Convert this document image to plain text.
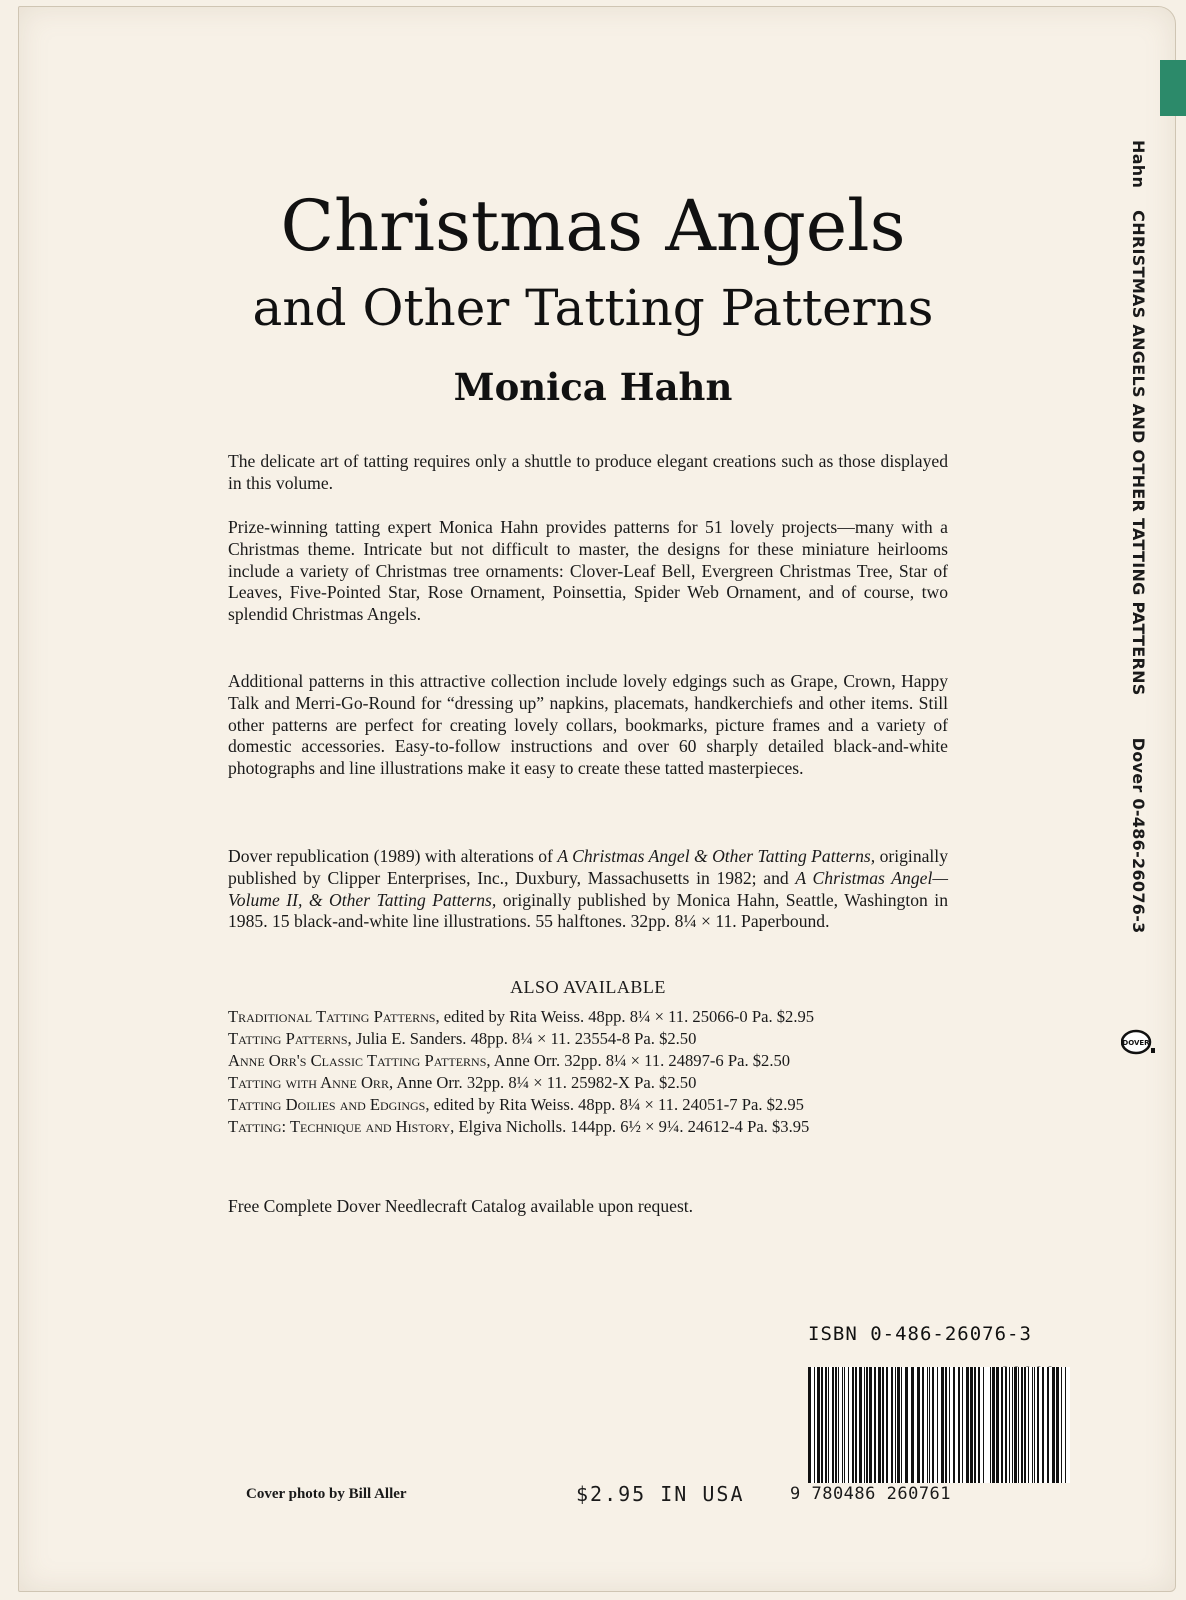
Christmas Angels
and Other Tatting Patterns
Monica Hahn

The delicate art of tatting requires only a shuttle to produce elegant creations such as those displayed in this volume.

Prize-winning tatting expert Monica Hahn provides patterns for 51 lovely projects—many with a Christmas theme. Intricate but not difficult to master, the designs for these miniature heirlooms include a variety of Christmas tree ornaments: Clover-Leaf Bell, Evergreen Christmas Tree, Star of Leaves, Five-Pointed Star, Rose Ornament, Poinsettia, Spider Web Ornament, and of course, two splendid Christmas Angels.

Additional patterns in this attractive collection include lovely edgings such as Grape, Crown, Happy Talk and Merri-Go-Round for “dressing up” napkins, placemats, handkerchiefs and other items. Still other patterns are perfect for creating lovely collars, bookmarks, picture frames and a variety of domestic accessories. Easy-to-follow instructions and over 60 sharply detailed black-and-white photographs and line illustrations make it easy to create these tatted masterpieces.

Dover republication (1989) with alterations of A Christmas Angel & Other Tatting Patterns, originally published by Clipper Enterprises, Inc., Duxbury, Massachusetts in 1982; and A Christmas Angel—Volume II, & Other Tatting Patterns, originally published by Monica Hahn, Seattle, Washington in 1985. 15 black-and-white line illustrations. 55 halftones. 32pp. 8¼ × 11. Paperbound.

ALSO AVAILABLE

Traditional Tatting Patterns, edited by Rita Weiss. 48pp. 8¼ × 11. 25066-0 Pa. $2.95
Tatting Patterns, Julia E. Sanders. 48pp. 8¼ × 11. 23554-8 Pa. $2.50
Anne Orr's Classic Tatting Patterns, Anne Orr. 32pp. 8¼ × 11. 24897-6 Pa. $2.50
Tatting with Anne Orr, Anne Orr. 32pp. 8¼ × 11. 25982-X Pa. $2.50
Tatting Doilies and Edgings, edited by Rita Weiss. 48pp. 8¼ × 11. 24051-7 Pa. $2.95
Tatting: Technique and History, Elgiva Nicholls. 144pp. 6½ × 9¼. 24612-4 Pa. $3.95

Free Complete Dover Needlecraft Catalog available upon request.

HahnCHRISTMAS ANGELS AND OTHER TATTING PATTERNSDover 0-486-26076-3
DOVER

ISBN 0-486-26076-3

9 780486 260761

$2.95 IN USA

Cover photo by Bill Aller
